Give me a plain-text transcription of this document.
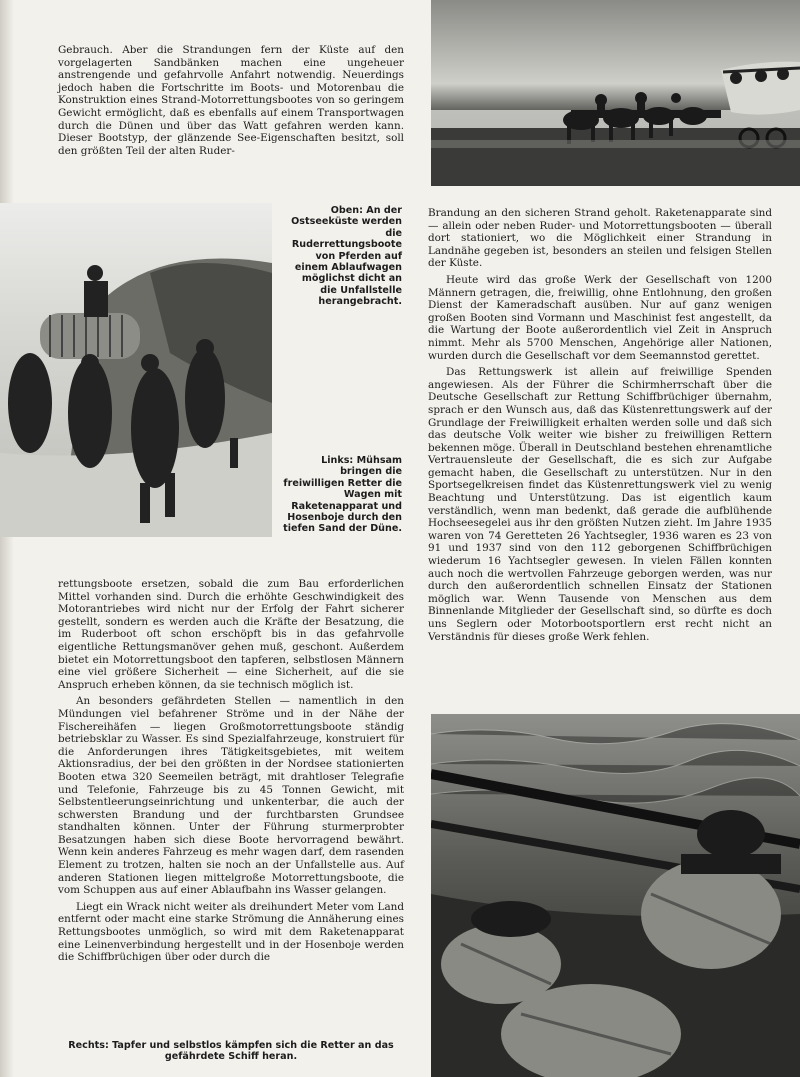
Gebrauch. Aber die Strandungen fern der Küste auf den vorgelagerten Sandbänken machen eine ungeheuer anstrengende und gefahrvolle Anfahrt notwendig. Neuerdings jedoch haben die Fortschritte im Boots- und Motorenbau die Konstruktion eines Strand-Motorrettungsbootes von so geringem Gewicht ermöglicht, daß es ebenfalls auf einem Transportwagen durch die Dünen und über das Watt gefahren werden kann. Dieser Bootstyp, der glänzende See-Eigenschaften besitzt, soll den größten Teil der alten Ruder-

Oben: An der Ostseeküste werden die Ruderrettungsboote von Pferden auf einem Ablaufwagen möglichst dicht an die Unfallstelle herangebracht.

Links: Mühsam bringen die freiwilligen Retter die Wagen mit Raketenapparat und Hosenboje durch den tiefen Sand der Düne.

rettungsboote ersetzen, sobald die zum Bau erforderlichen Mittel vorhanden sind. Durch die erhöhte Geschwindigkeit des Motorantriebes wird nicht nur der Erfolg der Fahrt sicherer gestellt, sondern es werden auch die Kräfte der Besatzung, die im Ruderboot oft schon erschöpft bis in das gefahrvolle eigentliche Rettungsmanöver gehen muß, geschont. Außerdem bietet ein Motorrettungsboot den tapferen, selbstlosen Männern eine viel größere Sicherheit — eine Sicherheit, auf die sie Anspruch erheben können, da sie technisch möglich ist.

An besonders gefährdeten Stellen — namentlich in den Mündungen viel befahrener Ströme und in der Nähe der Fischereihäfen — liegen Großmotorrettungsboote ständig betriebsklar zu Wasser. Es sind Spezialfahrzeuge, konstruiert für die Anforderungen ihres Tätigkeitsgebietes, mit weitem Aktionsradius, der bei den größten in der Nordsee stationierten Booten etwa 320 Seemeilen beträgt, mit drahtloser Telegrafie und Telefonie, Fahrzeuge bis zu 45 Tonnen Gewicht, mit Selbstentleerungseinrichtung und unkenterbar, die auch der schwersten Brandung und der furchtbarsten Grundsee standhalten können. Unter der Führung sturmerprobter Besatzungen haben sich diese Boote hervorragend bewährt. Wenn kein anderes Fahrzeug es mehr wagen darf, dem rasenden Element zu trotzen, halten sie noch an der Unfallstelle aus. Auf anderen Stationen liegen mittelgroße Motorrettungsboote, die vom Schuppen aus auf einer Ablaufbahn ins Wasser gelangen.

Liegt ein Wrack nicht weiter als dreihundert Meter vom Land entfernt oder macht eine starke Strömung die Annäherung eines Rettungsbootes unmöglich, so wird mit dem Raketenapparat eine Leinenverbindung hergestellt und in der Hosenboje werden die Schiffbrüchigen über oder durch die

Brandung an den sicheren Strand geholt. Raketenapparate sind — allein oder neben Ruder- und Motorrettungsbooten — überall dort stationiert, wo die Möglichkeit einer Strandung in Landnähe gegeben ist, besonders an steilen und felsigen Stellen der Küste.

Heute wird das große Werk der Gesellschaft von 1200 Männern getragen, die, freiwillig, ohne Entlohnung, den großen Dienst der Kameradschaft ausüben. Nur auf ganz wenigen großen Booten sind Vormann und Maschinist fest angestellt, da die Wartung der Boote außerordentlich viel Zeit in Anspruch nimmt. Mehr als 5700 Menschen, Angehörige aller Nationen, wurden durch die Gesellschaft vor dem Seemannstod gerettet.

Das Rettungswerk ist allein auf freiwillige Spenden angewiesen. Als der Führer die Schirmherrschaft über die Deutsche Gesellschaft zur Rettung Schiffbrüchiger übernahm, sprach er den Wunsch aus, daß das Küstenrettungswerk auf der Grundlage der Freiwilligkeit erhalten werden solle und daß sich das deutsche Volk weiter wie bisher zu freiwilligen Rettern bekennen möge. Überall in Deutschland bestehen ehrenamtliche Vertrauensleute der Gesellschaft, die es sich zur Aufgabe gemacht haben, die Gesellschaft zu unterstützen. Nur in den Sportsegelkreisen findet das Küstenrettungswerk viel zu wenig Beachtung und Unterstützung. Das ist eigentlich kaum verständlich, wenn man bedenkt, daß gerade die aufblühende Hochseesegelei aus ihr den größten Nutzen zieht. Im Jahre 1935 waren von 74 Geretteten 26 Yachtsegler, 1936 waren es 23 von 91 und 1937 sind von den 112 geborgenen Schiffbrüchigen wiederum 16 Yachtsegler gewesen. In vielen Fällen konnten auch noch die wertvollen Fahrzeuge geborgen werden, was nur durch den außerordentlich schnellen Einsatz der Stationen möglich war. Wenn Tausende von Menschen aus dem Binnenlande Mitglieder der Gesellschaft sind, so dürfte es doch uns Seglern oder Motorbootsportlern erst recht nicht an Verständnis für dieses große Werk fehlen.

Rechts: Tapfer und selbstlos kämpfen sich die Retter an das gefährdete Schiff heran.
